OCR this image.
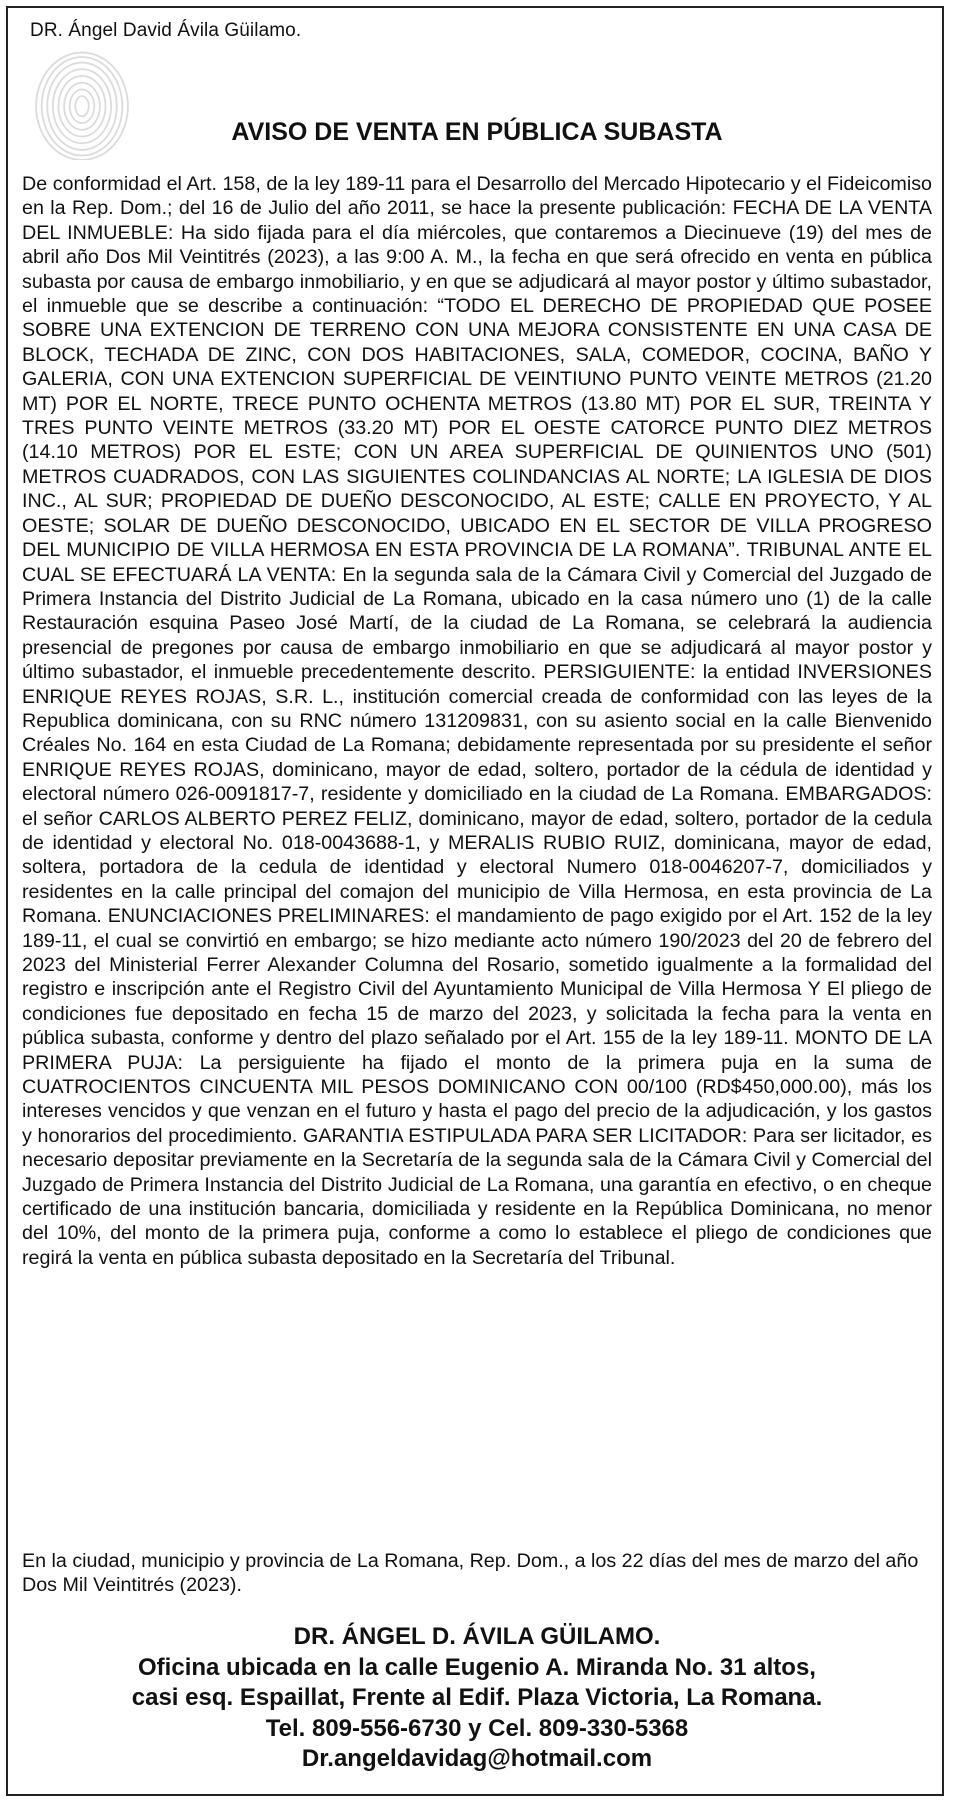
DR. Ángel David Ávila Güilamo.
AVISO DE VENTA EN PÚBLICA SUBASTA

De conformidad el Art. 158, de la ley 189-11 para el Desarrollo del Mercado Hipotecario y el Fideicomiso en la Rep. Dom.; del 16 de Julio del año 2011, se hace la presente publicación: FECHA DE LA VENTA DEL INMUEBLE: Ha sido fijada para el día miércoles, que contaremos a Diecinueve (19) del mes de abril año Dos Mil Veintitrés (2023), a las 9:00 A. M., la fecha en que será ofrecido en venta en pública subasta por causa de embargo inmobiliario, y en que se adjudicará al mayor postor y último subastador, el inmueble que se describe a continuación: “TODO EL DERECHO DE PROPIEDAD QUE POSEE SOBRE UNA EXTENCION DE TERRENO CON UNA MEJORA CONSISTENTE EN UNA CASA DE BLOCK, TECHADA DE ZINC, CON DOS HABITACIONES, SALA, COMEDOR, COCINA, BAÑO Y GALERIA, CON UNA EXTENCION SUPERFICIAL DE VEINTIUNO PUNTO VEINTE METROS (21.20 MT) POR EL NORTE, TRECE PUNTO OCHENTA METROS (13.80 MT) POR EL SUR, TREINTA Y TRES PUNTO VEINTE METROS (33.20 MT) POR EL OESTE CATORCE PUNTO DIEZ METROS (14.10 METROS) POR EL ESTE; CON UN AREA SUPERFICIAL DE QUINIENTOS UNO (501) METROS CUADRADOS, CON LAS SIGUIENTES COLINDANCIAS AL NORTE; LA IGLESIA DE DIOS INC., AL SUR; PROPIEDAD DE DUEÑO DESCONOCIDO, AL ESTE; CALLE EN PROYECTO, Y AL OESTE; SOLAR DE DUEÑO DESCONOCIDO, UBICADO EN EL SECTOR DE VILLA PROGRESO DEL MUNICIPIO DE VILLA HERMOSA EN ESTA PROVINCIA DE LA ROMANA”. TRIBUNAL ANTE EL CUAL SE EFECTUARÁ LA VENTA: En la segunda sala de la Cámara Civil y Comercial del Juzgado de Primera Instancia del Distrito Judicial de La Romana, ubicado en la casa número uno (1) de la calle Restauración esquina Paseo José Martí, de la ciudad de La Romana, se celebrará la audiencia presencial de pregones por causa de embargo inmobiliario en que se adjudicará al mayor postor y último subastador, el inmueble precedentemente descrito. PERSIGUIENTE: la entidad INVERSIONES ENRIQUE REYES ROJAS, S.R. L., institución comercial creada de conformidad con las leyes de la Republica dominicana, con su RNC número 131209831, con su asiento social en la calle Bienvenido Créales No. 164 en esta Ciudad de La Romana; debidamente representada por su presidente el señor ENRIQUE REYES ROJAS, dominicano, mayor de edad, soltero, portador de la cédula de identidad y electoral número 026-0091817-7, residente y domiciliado en la ciudad de La Romana. EMBARGADOS: el señor CARLOS ALBERTO PEREZ FELIZ, dominicano, mayor de edad, soltero, portador de la cedula de identidad y electoral No. 018-0043688-1, y MERALIS RUBIO RUIZ, dominicana, mayor de edad, soltera, portadora de la cedula de identidad y electoral Numero 018-0046207-7, domiciliados y residentes en la calle principal del comajon del municipio de Villa Hermosa, en esta provincia de La Romana. ENUNCIACIONES PRELIMINARES: el mandamiento de pago exigido por el Art. 152 de la ley 189-11, el cual se convirtió en embargo; se hizo mediante acto número 190/2023 del 20 de febrero del 2023 del Ministerial Ferrer Alexander Columna del Rosario, sometido igualmente a la formalidad del registro e inscripción ante el Registro Civil del Ayuntamiento Municipal de Villa Hermosa Y El pliego de condiciones fue depositado en fecha 15 de marzo del 2023, y solicitada la fecha para la venta en pública subasta, conforme y dentro del plazo señalado por el Art. 155 de la ley 189-11. MONTO DE LA PRIMERA PUJA: La persiguiente ha fijado el monto de la primera puja en la suma de CUATROCIENTOS CINCUENTA MIL PESOS DOMINICANO CON 00/100 (RD$450,000.00), más los intereses vencidos y que venzan en el futuro y hasta el pago del precio de la adjudicación, y los gastos y honorarios del procedimiento. GARANTIA ESTIPULADA PARA SER LICITADOR: Para ser licitador, es necesario depositar previamente en la Secretaría de la segunda sala de la Cámara Civil y Comercial del Juzgado de Primera Instancia del Distrito Judicial de La Romana, una garantía en efectivo, o en cheque certificado de una institución bancaria, domiciliada y residente en la República Dominicana, no menor del 10%, del monto de la primera puja, conforme a como lo establece el pliego de condiciones que regirá la venta en pública subasta depositado en la Secretaría del Tribunal.

En la ciudad, municipio y provincia de La Romana, Rep. Dom., a los 22 días del mes de marzo del año Dos Mil Veintitrés (2023).

DR. ÁNGEL D. ÁVILA GÜILAMO.
Oficina ubicada en la calle Eugenio A. Miranda No. 31 altos,
casi esq. Espaillat, Frente al Edif. Plaza Victoria, La Romana.
Tel. 809-556-6730 y Cel. 809-330-5368
Dr.angeldavidag@hotmail.com
